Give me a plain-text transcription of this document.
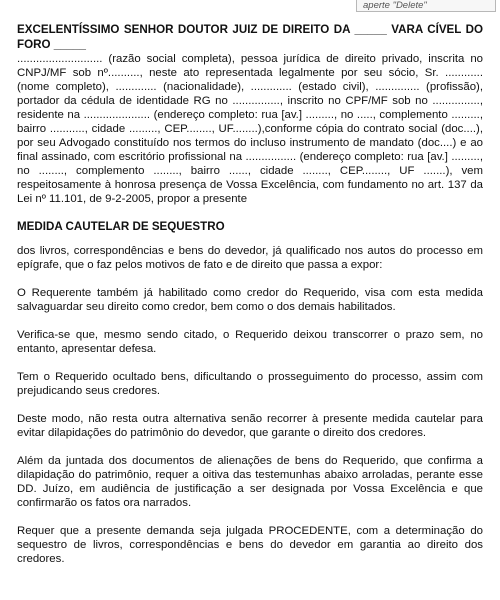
aperte "Delete"

EXCELENTÍSSIMO SENHOR DOUTOR JUIZ DE DIREITO DA _____ VARA CÍVEL DO FORO _____

........................... (razão social completa), pessoa jurídica de direito privado, inscrita no CNPJ/MF sob nº.........., neste ato representada legalmente por seu sócio, Sr. ............ (nome completo), ............. (nacionalidade), ............. (estado civil), .............. (profissão), portador da cédula de identidade RG no ..............., inscrito no CPF/MF sob no ..............., residente na ..................... (endereço completo: rua [av.] ........., no ....., complemento ........., bairro ..........., cidade ........., CEP........, UF........),conforme cópia do contrato social (doc....), por seu Advogado constituído nos termos do incluso instrumento de mandato (doc....) e ao final assinado, com escritório profissional na ................ (endereço completo: rua [av.] ........., no ........, complemento ........, bairro ......, cidade ........, CEP........, UF .......), vem respeitosamente à honrosa presença de Vossa Excelência, com fundamento no art. 137 da Lei nº 11.101, de 9-2-2005, propor a presente

MEDIDA CAUTELAR DE SEQUESTRO

dos livros, correspondências e bens do devedor, já qualificado nos autos do processo em epígrafe, que o faz pelos motivos de fato e de direito que passa a expor:

O Requerente também já habilitado como credor do Requerido, visa com esta medida salvaguardar seu direito como credor, bem como o dos demais habilitados.

Verifica-se que, mesmo sendo citado, o Requerido deixou transcorrer o prazo sem, no entanto, apresentar defesa.

Tem o Requerido ocultado bens, dificultando o prosseguimento do processo, assim com prejudicando seus credores.

Deste modo, não resta outra alternativa senão recorrer à presente medida cautelar para evitar dilapidações do patrimônio do devedor, que garante o direito dos credores.

Além da juntada dos documentos de alienações de bens do Requerido, que confirma a dilapidação do patrimônio, requer a oitiva das testemunhas abaixo arroladas, perante esse DD. Juízo, em audiência de justificação a ser designada por Vossa Excelência e que confirmarão os fatos ora narrados.

Requer que a presente demanda seja julgada PROCEDENTE, com a determinação do sequestro de livros, correspondências e bens do devedor em garantia ao direito dos credores.
